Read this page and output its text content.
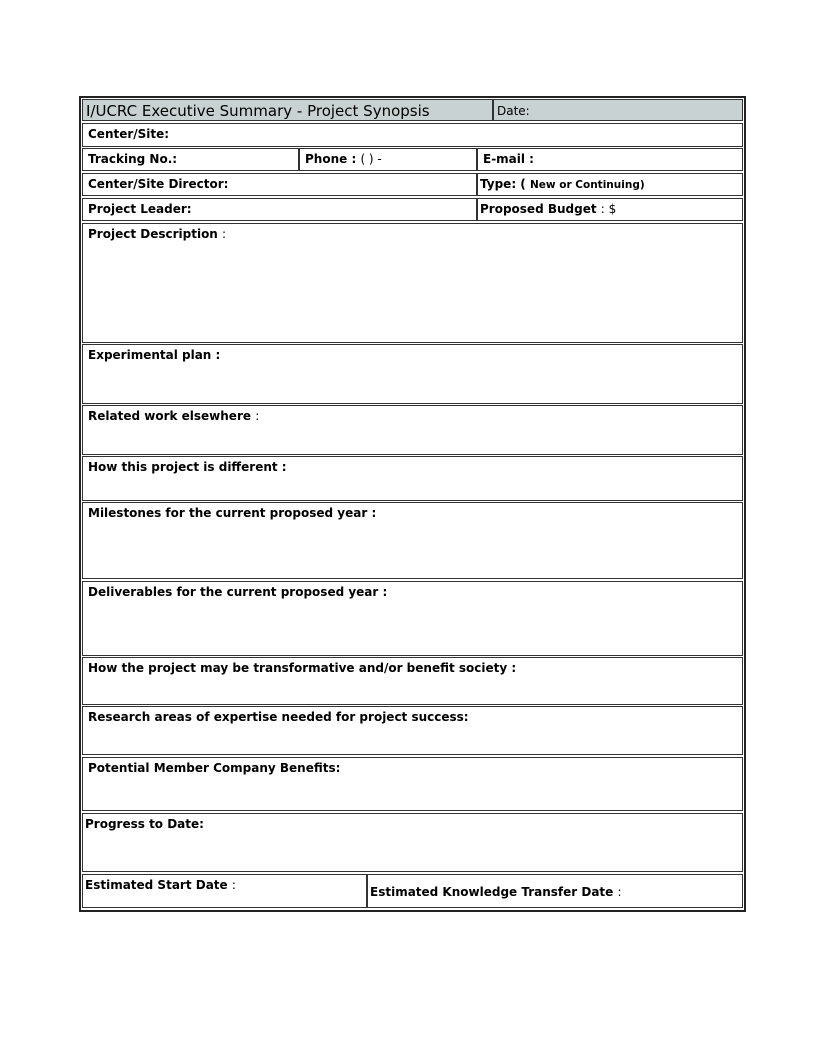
I/UCRC Executive Summary - Project Synopsis	Date:
Center/Site:
Tracking No.:	Phone : ( ) -	E-mail :
Center/Site Director:	Type: ( New or Continuing)
Project Leader:	Proposed Budget : $
Project Description :
Experimental plan :
Related work elsewhere :
How this project is different :
Milestones for the current proposed year :
Deliverables for the current proposed year :
How the project may be transformative and/or benefit society :
Research areas of expertise needed for project success:
Potential Member Company Benefits:
Progress to Date:
Estimated Start Date :	Estimated Knowledge Transfer Date :
